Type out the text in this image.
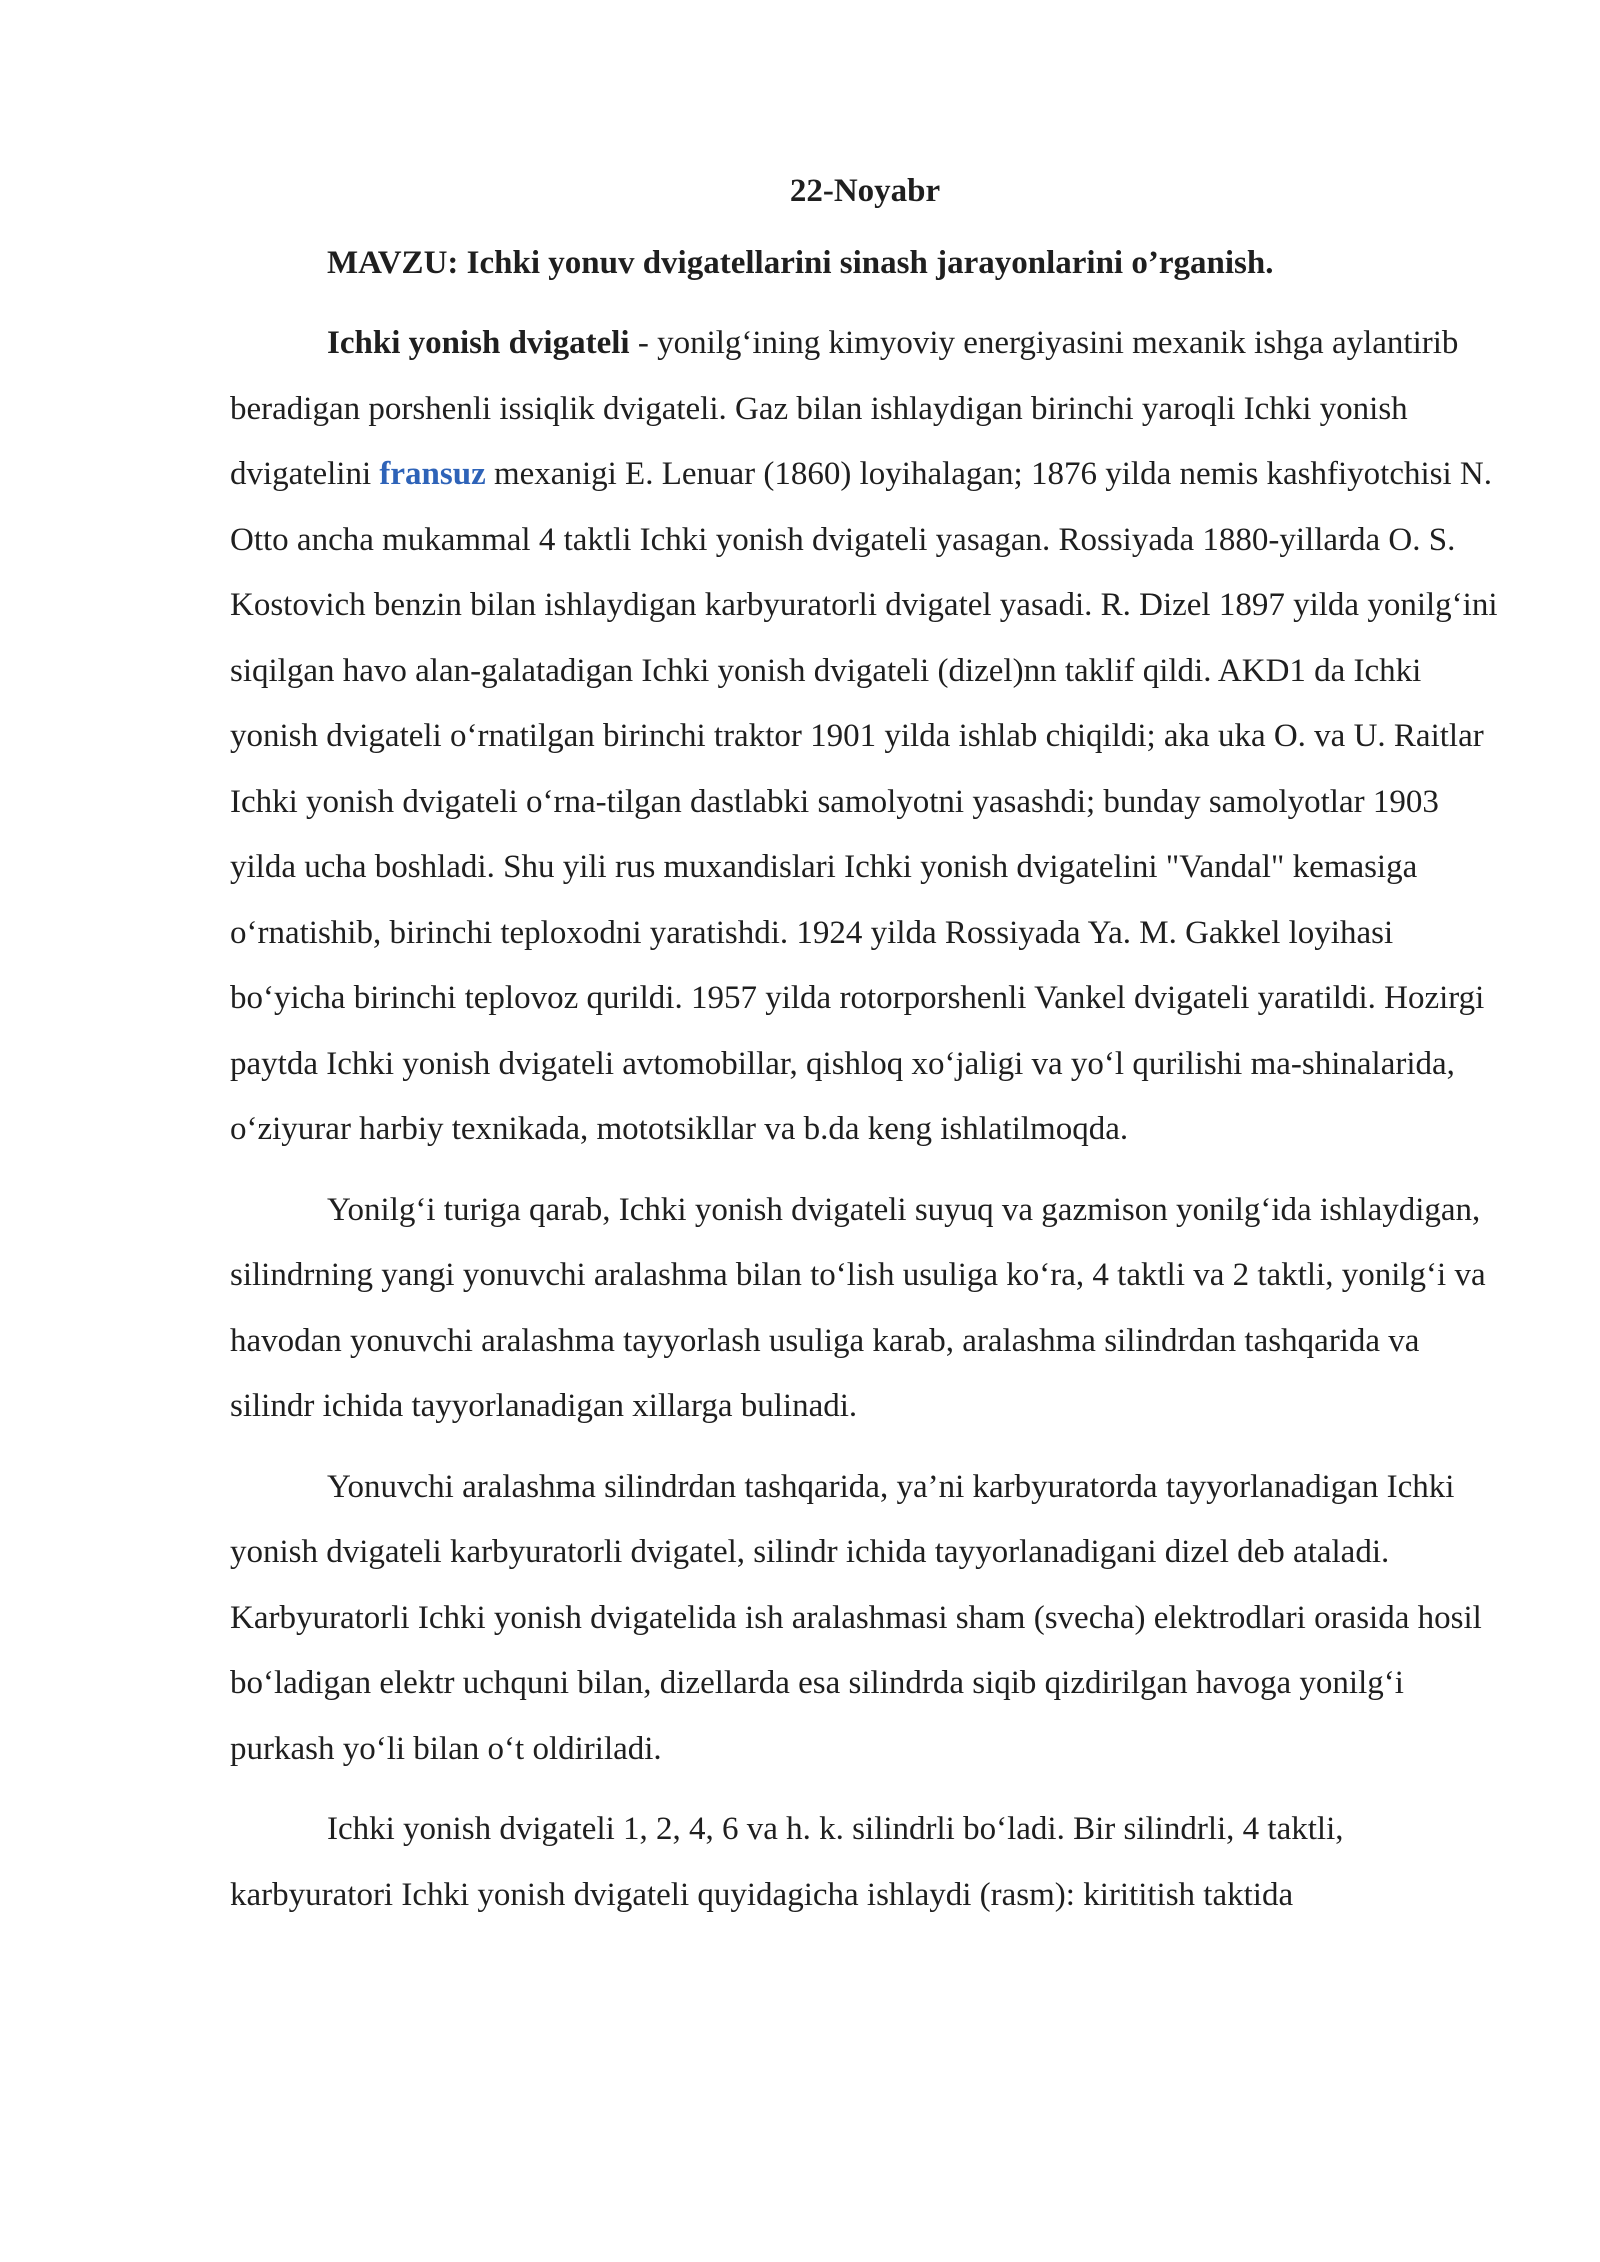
22-Noyabr
MAVZU: Ichki yonuv dvigatellarini sinash jarayonlarini o’rganish.

Ichki yonish dvigateli - yonilg‘ining kimyoviy energiyasini mexanik ishga aylantirib beradigan porshenli issiqlik dvigateli. Gaz bilan ishlaydigan birinchi yaroqli Ichki yonish dvigatelini fransuz mexanigi E. Lenuar (1860) loyihalagan; 1876 yilda nemis kashfiyotchisi N. Otto ancha mukammal 4 taktli Ichki yonish dvigateli yasagan. Rossiyada 1880-yillarda O. S. Kostovich benzin bilan ishlaydigan karbyuratorli dvigatel yasadi. R. Dizel 1897 yilda yonilg‘ini siqilgan havo alan-galatadigan Ichki yonish dvigateli (dizel)nn taklif qildi. AKD1 da Ichki yonish dvigateli o‘rnatilgan birinchi traktor 1901 yilda ishlab chiqildi; aka uka O. va U. Raitlar Ichki yonish dvigateli o‘rna-tilgan dastlabki samolyotni yasashdi; bunday samolyotlar 1903 yilda ucha boshladi. Shu yili rus muxandislari Ichki yonish dvigatelini "Vandal" kemasiga o‘rnatishib, birinchi teploxodni yaratishdi. 1924 yilda Rossiyada Ya. M. Gakkel loyihasi bo‘yicha birinchi teplovoz qurildi. 1957 yilda rotorporshenli Vankel dvigateli yaratildi. Hozirgi paytda Ichki yonish dvigateli avtomobillar, qishloq xo‘jaligi va yo‘l qurilishi ma-shinalarida, o‘ziyurar harbiy texnikada, mototsikllar va b.da keng ishlatilmoqda.

Yonilg‘i turiga qarab, Ichki yonish dvigateli suyuq va gazmison yonilg‘ida ishlaydigan, silindrning yangi yonuvchi aralashma bilan to‘lish usuliga ko‘ra, 4 taktli va 2 taktli, yonilg‘i va havodan yonuvchi aralashma tayyorlash usuliga karab, aralashma silindrdan tashqarida va silindr ichida tayyorlanadigan xillarga bulinadi.

Yonuvchi aralashma silindrdan tashqarida, ya’ni karbyuratorda tayyorlanadigan Ichki yonish dvigateli karbyuratorli dvigatel, silindr ichida tayyorlanadigani dizel deb ataladi. Karbyuratorli Ichki yonish dvigatelida ish aralashmasi sham (svecha) elektrodlari orasida hosil bo‘ladigan elektr uchquni bilan, dizellarda esa silindrda siqib qizdirilgan havoga yonilg‘i purkash yo‘li bilan o‘t oldiriladi.

Ichki yonish dvigateli 1, 2, 4, 6 va h. k. silindrli bo‘ladi. Bir silindrli, 4 taktli, karbyuratori Ichki yonish dvigateli quyidagicha ishlaydi (rasm): kirititish taktida
